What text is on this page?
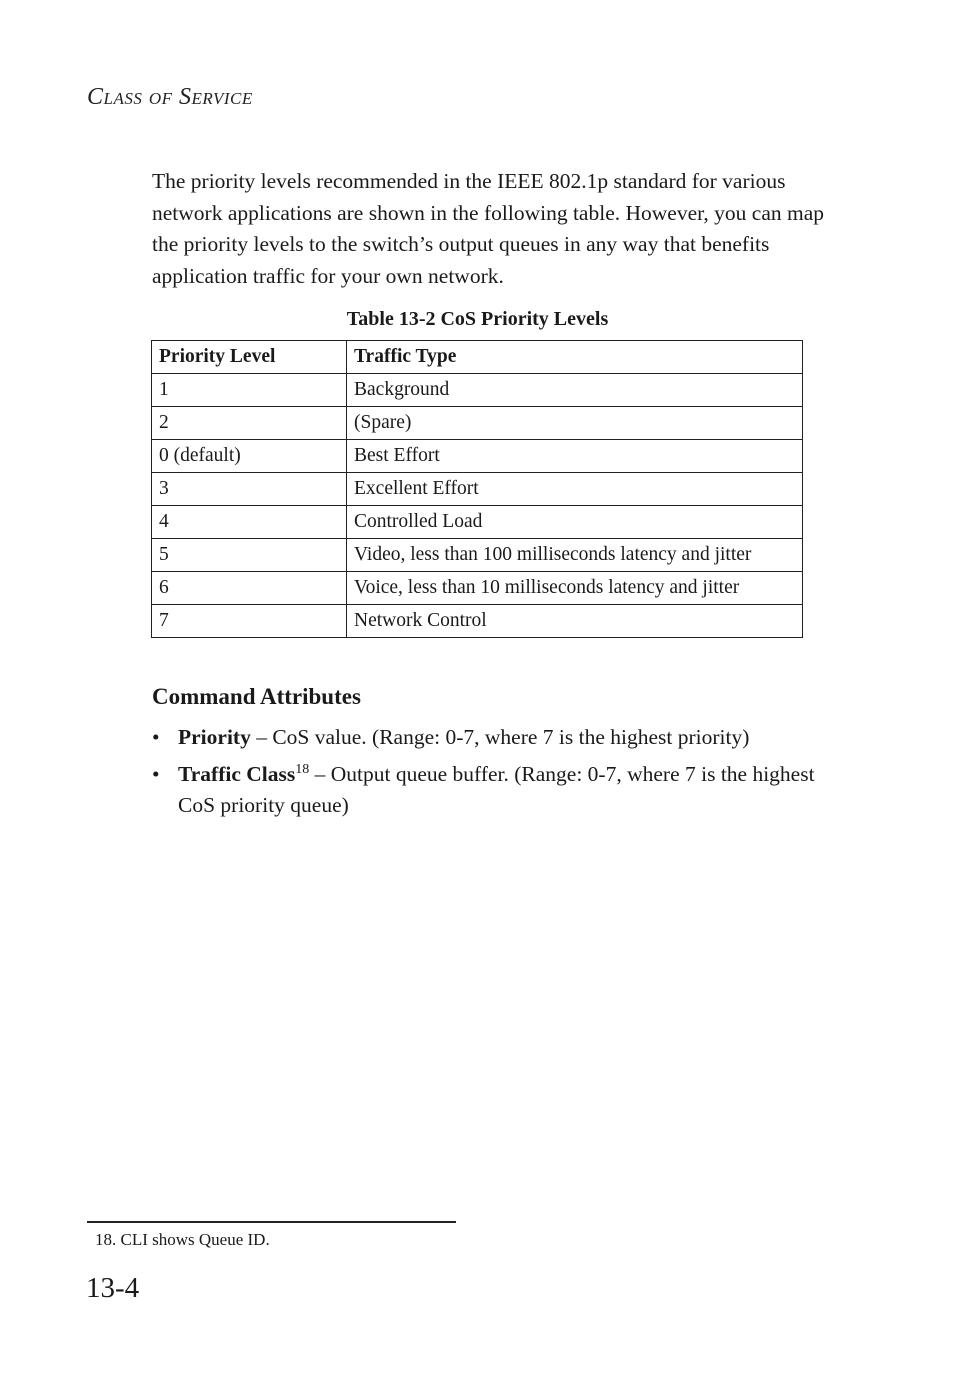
Class of Service

The priority levels recommended in the IEEE 802.1p standard for various network applications are shown in the following table. However, you can map the priority levels to the switch’s output queues in any way that benefits application traffic for your own network.

Table 13-2 CoS Priority Levels
Priority Level	Traffic Type
1	Background
2	(Spare)
0 (default)	Best Effort
3	Excellent Effort
4	Controlled Load
5	Video, less than 100 milliseconds latency and jitter
6	Voice, less than 10 milliseconds latency and jitter
7	Network Control
Command Attributes
• Priority – CoS value. (Range: 0-7, where 7 is the highest priority)
• Traffic Class$^{18}$ – Output queue buffer. (Range: 0-7, where 7 is the highest CoS priority queue)
18. CLI shows Queue ID.
13-4
